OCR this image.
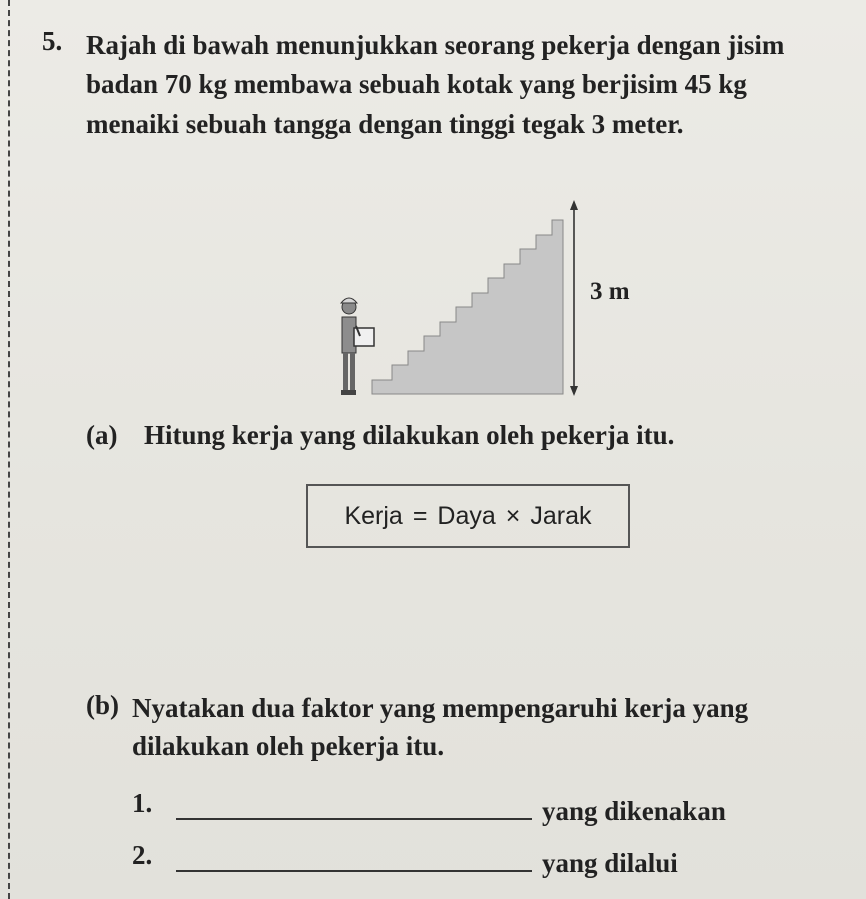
5. Rajah di bawah menunjukkan seorang pekerja dengan jisim
badan 70 kg membawa sebuah kotak yang berjisim 45 kg
menaiki sebuah tangga dengan tinggi tegak 3 meter.
3 m
(a) Hitung kerja yang dilakukan oleh pekerja itu.
Kerja = Daya × Jarak
(b) Nyatakan dua faktor yang mempengaruhi kerja yang
dilakukan oleh pekerja itu.
1.	yang dikenakan
2.	yang dilalui
